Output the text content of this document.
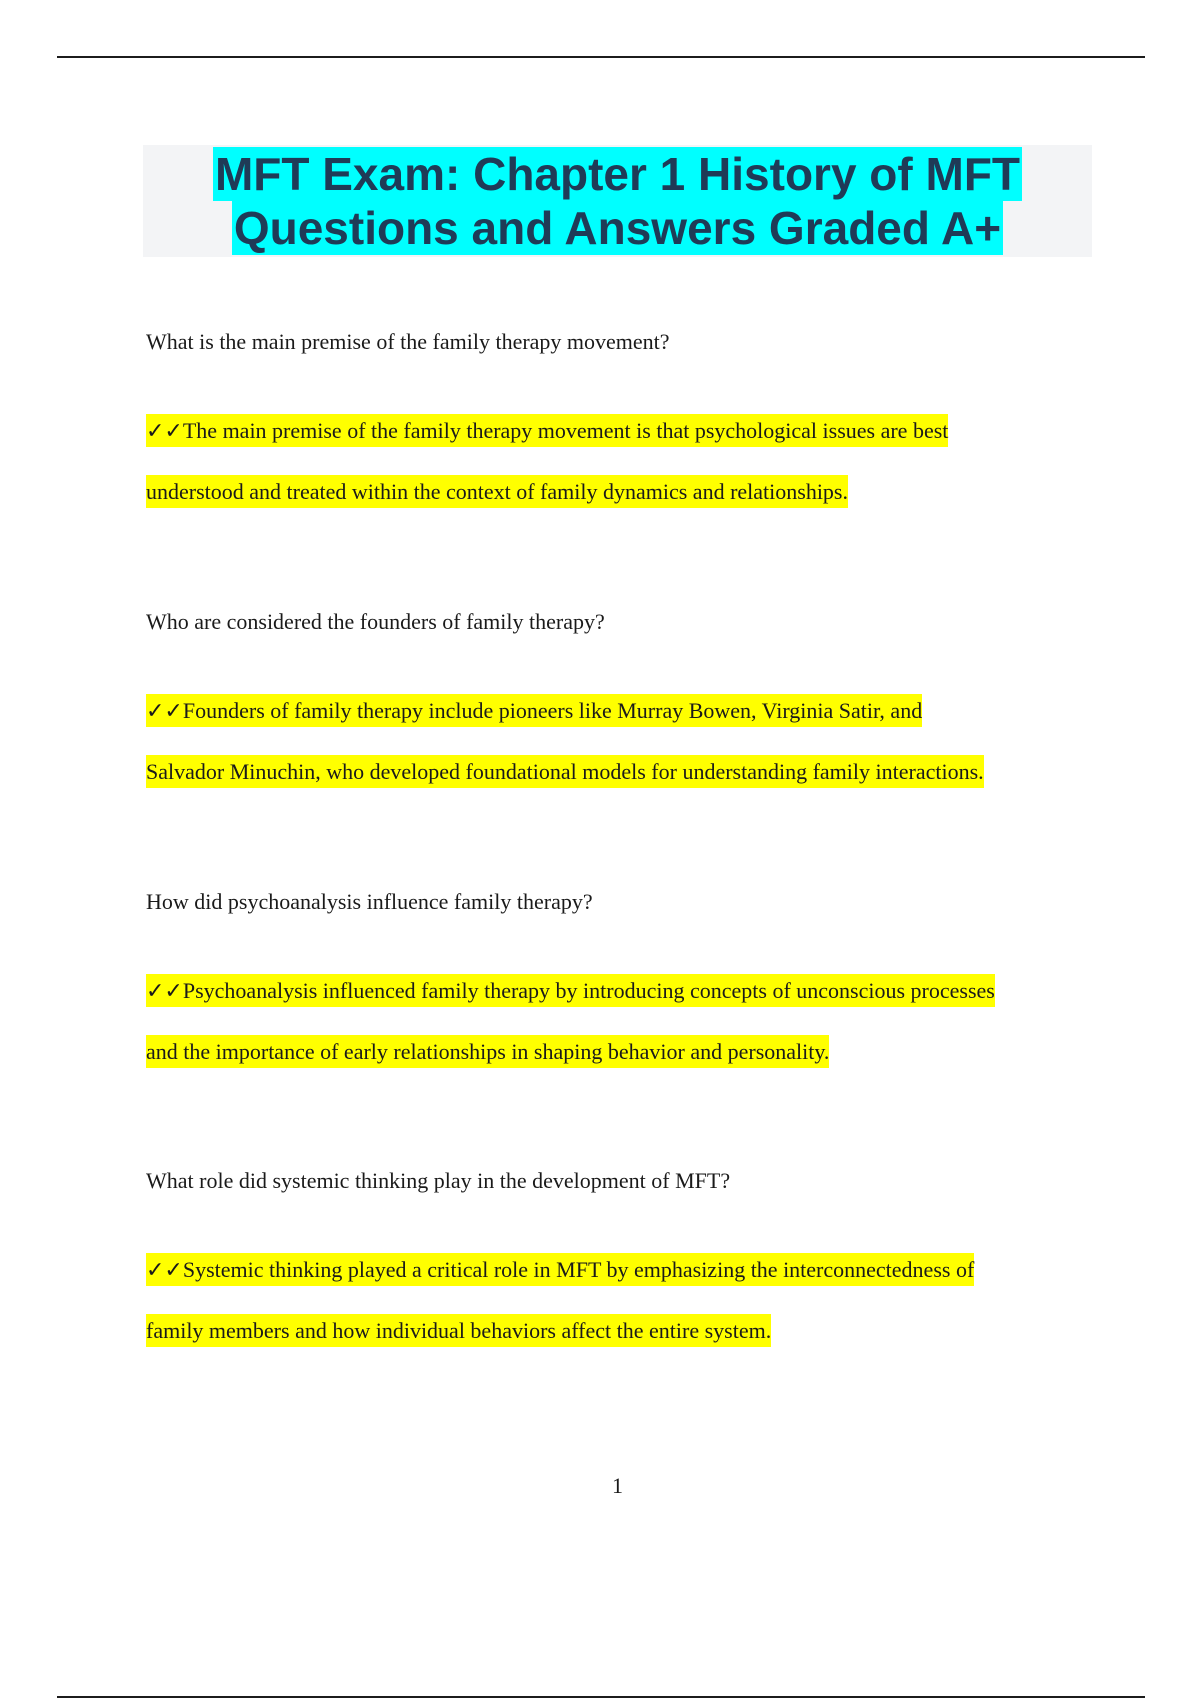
MFT Exam: Chapter 1 History of MFT
Questions and Answers Graded A+
What is the main premise of the family therapy movement?
✓✓The main premise of the family therapy movement is that psychological issues are best
understood and treated within the context of family dynamics and relationships.
Who are considered the founders of family therapy?
✓✓Founders of family therapy include pioneers like Murray Bowen, Virginia Satir, and
Salvador Minuchin, who developed foundational models for understanding family interactions.
How did psychoanalysis influence family therapy?
✓✓Psychoanalysis influenced family therapy by introducing concepts of unconscious processes
and the importance of early relationships in shaping behavior and personality.
What role did systemic thinking play in the development of MFT?
✓✓Systemic thinking played a critical role in MFT by emphasizing the interconnectedness of
family members and how individual behaviors affect the entire system.
1
